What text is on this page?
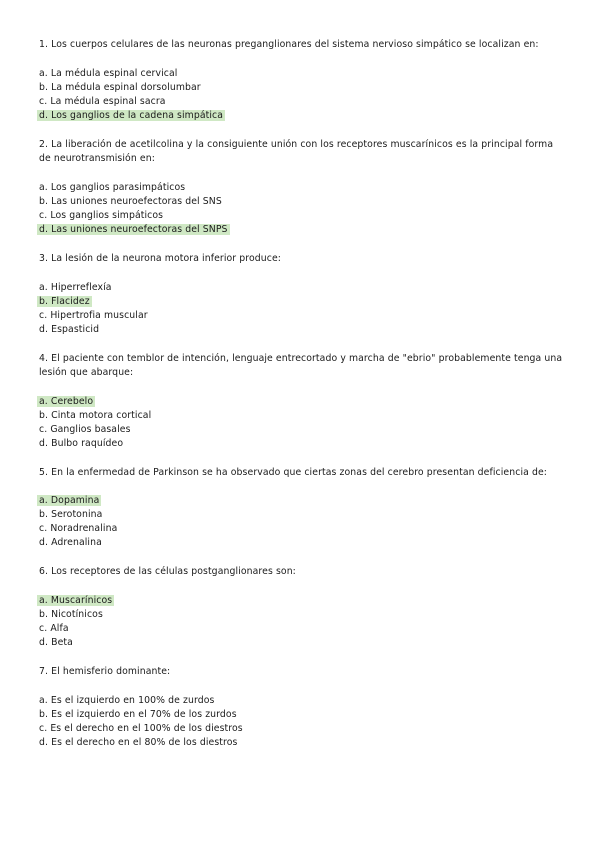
1. Los cuerpos celulares de las neuronas preganglionares del sistema nervioso simpático se localizan en:
a. La médula espinal cervical
b. La médula espinal dorsolumbar
c. La médula espinal sacra
d. Los ganglios de la cadena simpática
2. La liberación de acetilcolina y la consiguiente unión con los receptores muscarínicos es la principal forma
de neurotransmisión en:
a. Los ganglios parasimpáticos
b. Las uniones neuroefectoras del SNS
c. Los ganglios simpáticos
d. Las uniones neuroefectoras del SNPS
3. La lesión de la neurona motora inferior produce:
a. Hiperreflexía
b. Flacidez
c. Hipertrofia muscular
d. Espasticid
4. El paciente con temblor de intención, lenguaje entrecortado y marcha de "ebrio" probablemente tenga una
lesión que abarque:
a. Cerebelo
b. Cinta motora cortical
c. Ganglios basales
d. Bulbo raquídeo
5. En la enfermedad de Parkinson se ha observado que ciertas zonas del cerebro presentan deficiencia de:
a. Dopamina
b. Serotonina
c. Noradrenalina
d. Adrenalina
6. Los receptores de las células postganglionares son:
a. Muscarínicos
b. Nicotínicos
c. Alfa
d. Beta
7. El hemisferio dominante:
a. Es el izquierdo en 100% de zurdos
b. Es el izquierdo en el 70% de los zurdos
c. Es el derecho en el 100% de los diestros
d. Es el derecho en el 80% de los diestros
